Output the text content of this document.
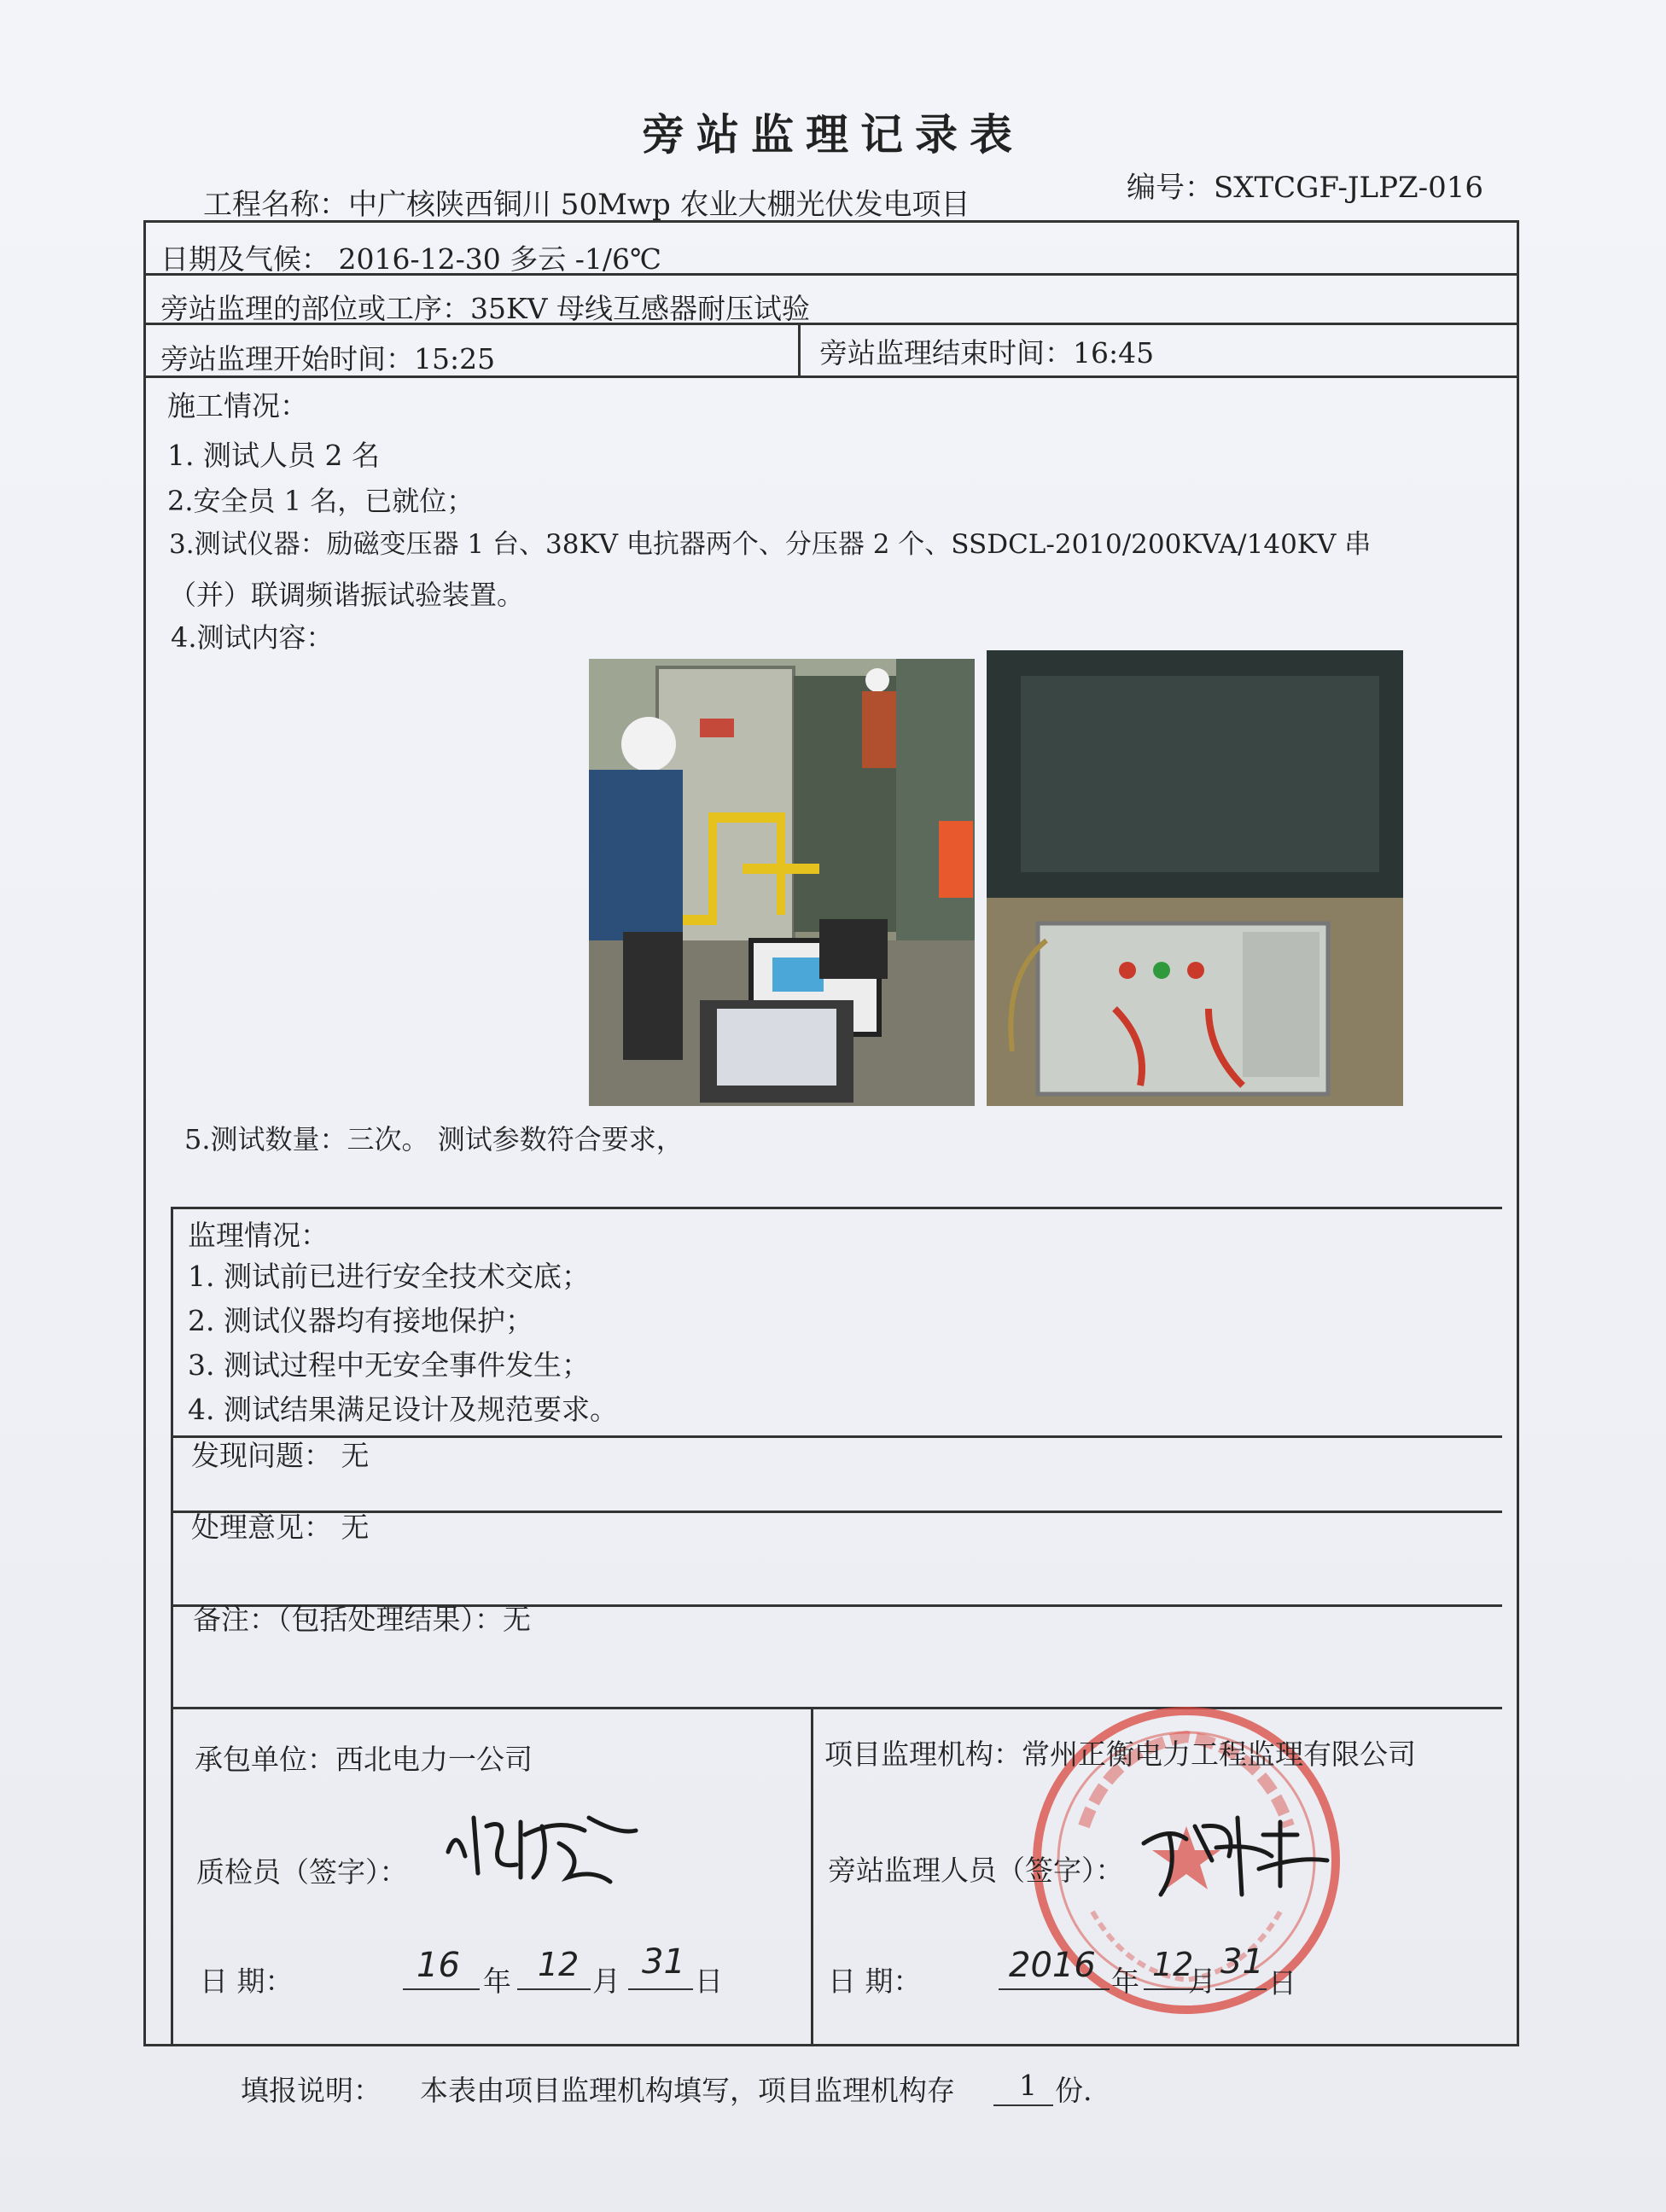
旁站监理记录表
工程名称：中广核陕西铜川 50Mwp 农业大棚光伏发电项目	编号：SXTCGF-JLPZ-016
日期及气候： 2016-12-30 多云 -1/6℃
旁站监理的部位或工序：35KV 母线互感器耐压试验
旁站监理开始时间：15:25	旁站监理结束时间：16:45
施工情况：
1. 测试人员 2 名
2.安全员 1 名，已就位；
3.测试仪器：励磁变压器 1 台、38KV 电抗器两个、分压器 2 个、SSDCL-2010/200KVA/140KV 串
（并）联调频谐振试验装置。
4.测试内容：
5.测试数量：三次。 测试参数符合要求，
监理情况：
1. 测试前已进行安全技术交底；
2. 测试仪器均有接地保护；
3. 测试过程中无安全事件发生；
4. 测试结果满足设计及规范要求。
发现问题： 无
处理意见： 无
备注：（包括处理结果）：无
承包单位：西北电力一公司
质检员（签字）：
日 期：	16 年 12 月 31 日
项目监理机构：常州正衡电力工程监理有限公司
旁站监理人员（签字）：
日 期：	2016 年 12
月 31
日
填报说明： 本表由项目监理机构填写，项目监理机构存 1 份.
